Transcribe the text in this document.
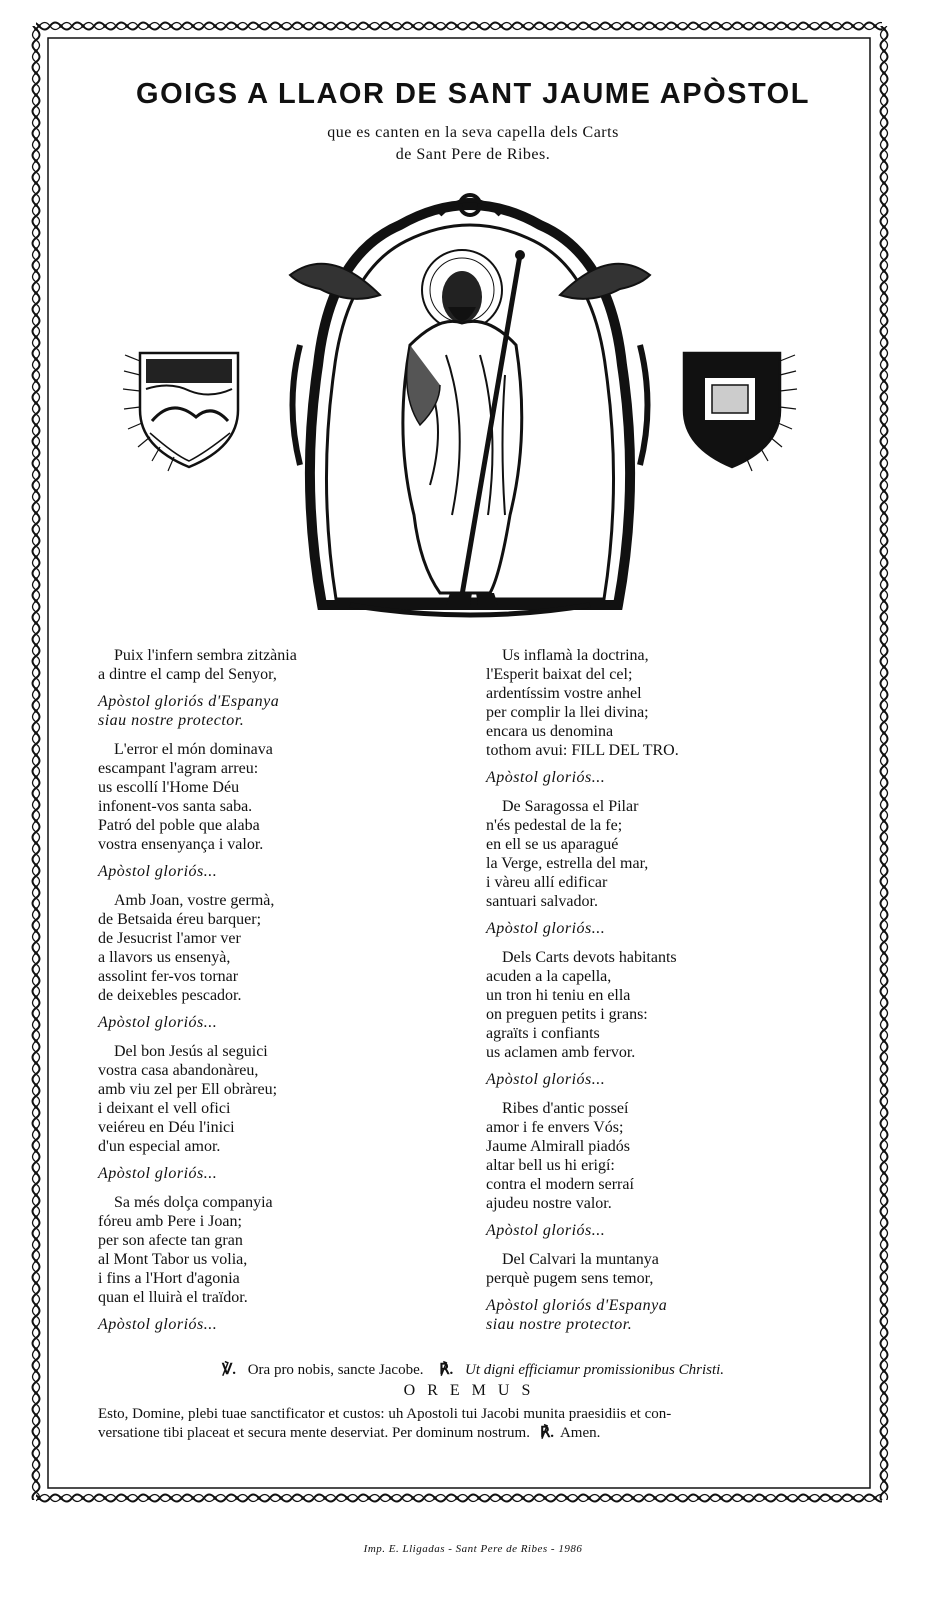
GOIGS A LLAOR DE SANT JAUME APÒSTOL
que es canten en la seva capella dels Carts
de Sant Pere de Ribes.
Puix l'infern sembra zitzània
a dintre el camp del Senyor,
Apòstol gloriós d'Espanya
siau nostre protector.
L'error el món dominava
escampant l'agram arreu:
us escollí l'Home Déu
infonent-vos santa saba.
Patró del poble que alaba
vostra ensenyança i valor.
Apòstol gloriós...
Amb Joan, vostre germà,
de Betsaida éreu barquer;
de Jesucrist l'amor ver
a llavors us ensenyà,
assolint fer-vos tornar
de deixebles pescador.
Apòstol gloriós...
Del bon Jesús al seguici
vostra casa abandonàreu,
amb viu zel per Ell obràreu;
i deixant el vell ofici
veiéreu en Déu l'inici
d'un especial amor.
Apòstol gloriós...
Sa més dolça companyia
fóreu amb Pere i Joan;
per son afecte tan gran
al Mont Tabor us volia,
i fins a l'Hort d'agonia
quan el lluirà el traïdor.
Apòstol gloriós...
Us inflamà la doctrina,
l'Esperit baixat del cel;
ardentíssim vostre anhel
per complir la llei divina;
encara us denomina
tothom avui: FILL DEL TRO.
Apòstol gloriós...
De Saragossa el Pilar
n'és pedestal de la fe;
en ell se us aparagué
la Verge, estrella del mar,
i vàreu allí edificar
santuari salvador.
Apòstol gloriós...
Dels Carts devots habitants
acuden a la capella,
un tron hi teniu en ella
on preguen petits i grans:
agraïts i confiants
us aclamen amb fervor.
Apòstol gloriós...
Ribes d'antic posseí
amor i fe envers Vós;
Jaume Almirall piadós
altar bell us hi erigí:
contra el modern serraí
ajudeu nostre valor.
Apòstol gloriós...
Del Calvari la muntanya
perquè pugem sens temor,
Apòstol gloriós d'Espanya
siau nostre protector.
℣. Ora pro nobis, sancte Jacobe. ℟. Ut digni efficiamur promissionibus Christi.
OREMUS
Esto, Domine, plebi tuae sanctificator et custos: uh Apostoli tui Jacobi munita praesidiis et con-
versatione tibi placeat et secura mente deserviat. Per dominum nostrum. ℟. Amen.
Imp. E. Lligadas - Sant Pere de Ribes - 1986
